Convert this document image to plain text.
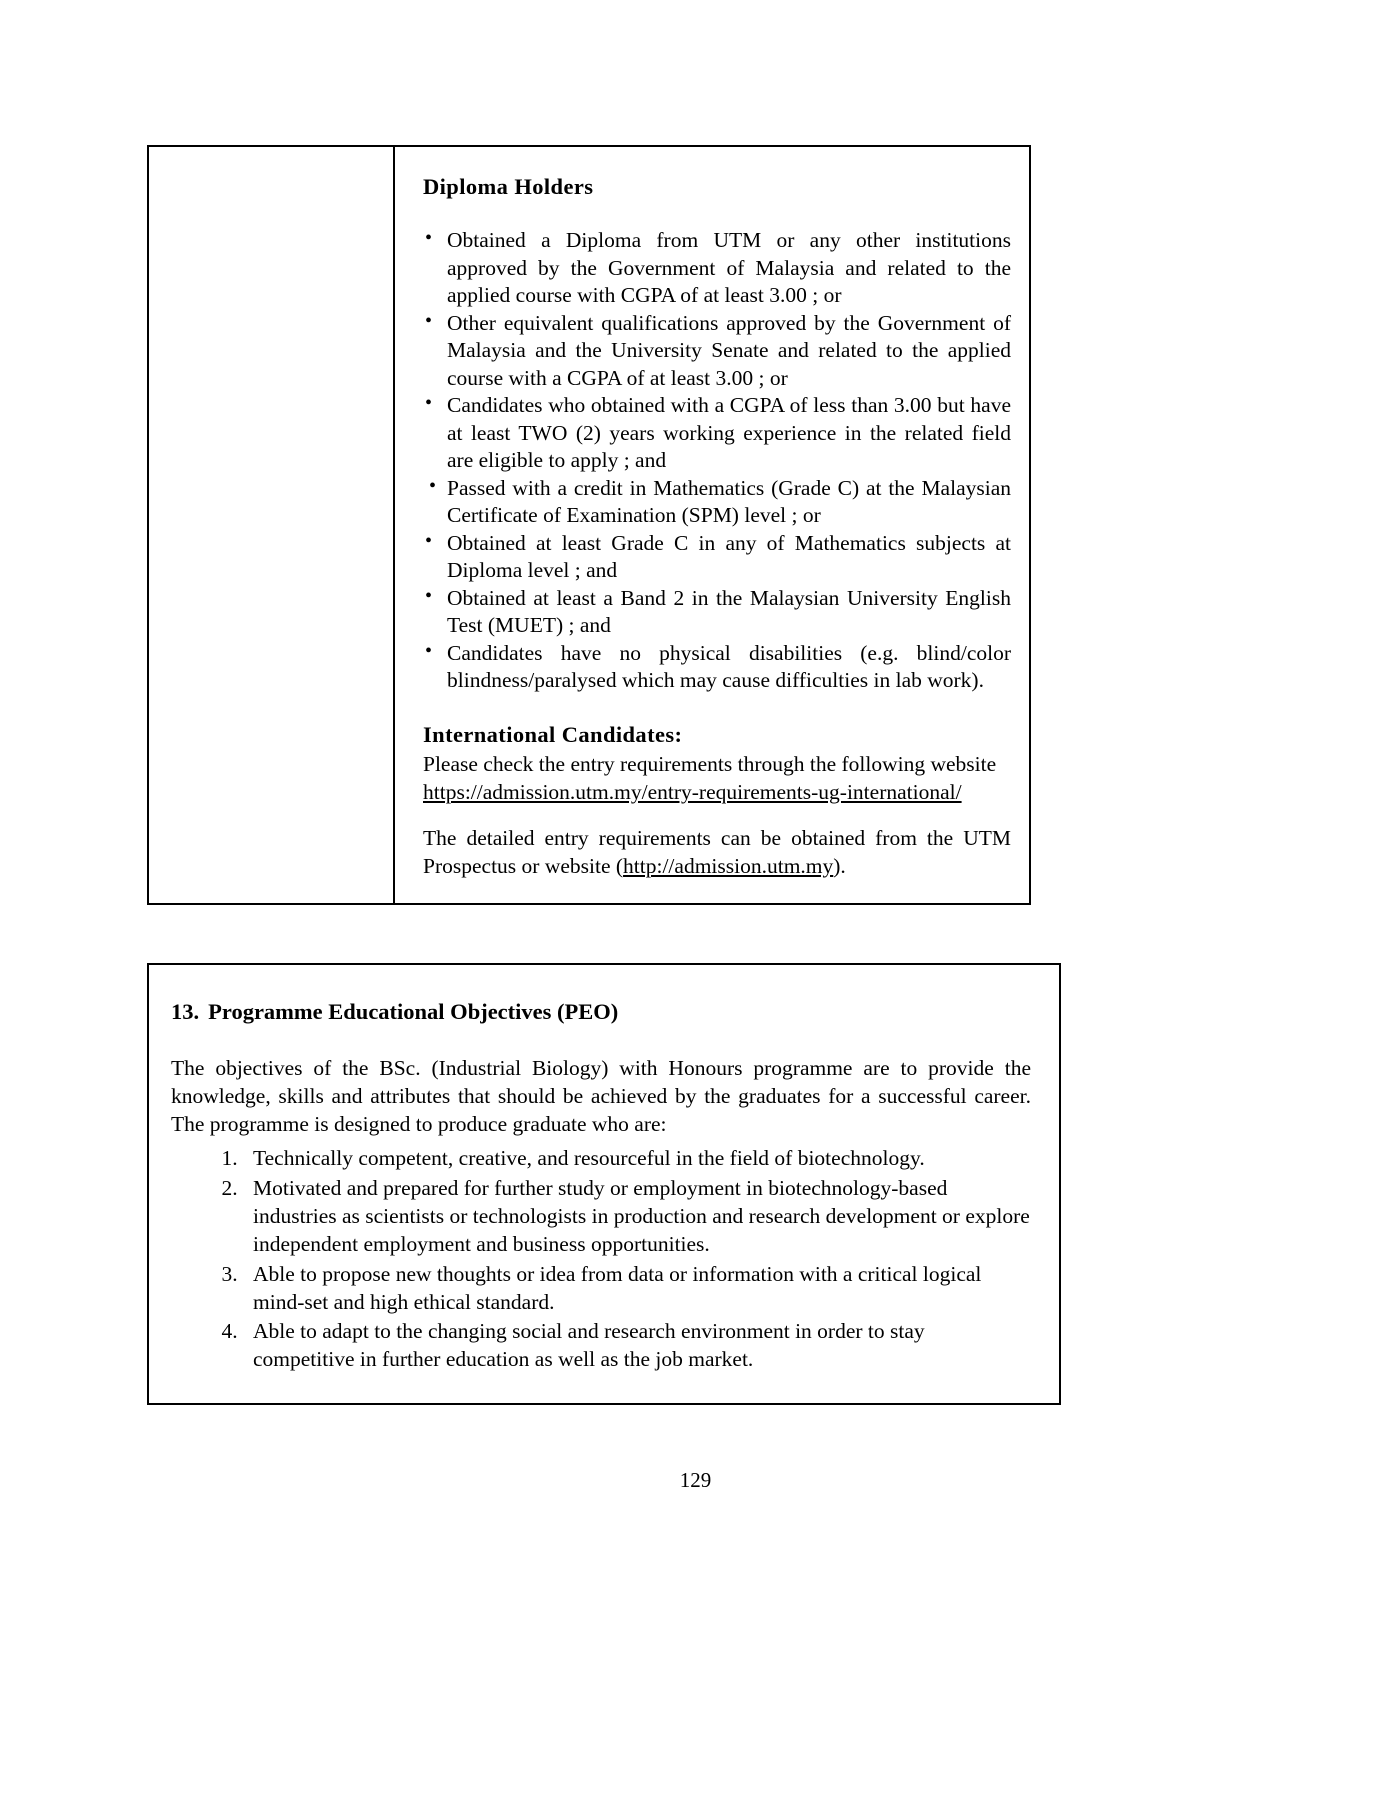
Diploma Holders
• Obtained a Diploma from UTM or any other institutions approved by the Government of Malaysia and related to the applied course with CGPA of at least 3.00 ; or
• Other equivalent qualifications approved by the Government of Malaysia and the University Senate and related to the applied course with a CGPA of at least 3.00 ; or
• Candidates who obtained with a CGPA of less than 3.00 but have at least TWO (2) years working experience in the related field are eligible to apply ; and
• Passed with a credit in Mathematics (Grade C) at the Malaysian Certificate of Examination (SPM) level ; or
• Obtained at least Grade C in any of Mathematics subjects at Diploma level ; and
• Obtained at least a Band 2 in the Malaysian University English Test (MUET) ; and
• Candidates have no physical disabilities (e.g. blind/color blindness/paralysed which may cause difficulties in lab work).
International Candidates:

Please check the entry requirements through the following website

https://admission.utm.my/entry-requirements-ug-international/

The detailed entry requirements can be obtained from the UTM Prospectus or website (http://admission.utm.my).

13. Programme Educational Objectives (PEO)

The objectives of the BSc. (Industrial Biology) with Honours programme are to provide the knowledge, skills and attributes that should be achieved by the graduates for a successful career. The programme is designed to produce graduate who are:

1. Technically competent, creative, and resourceful in the field of biotechnology.
2. Motivated and prepared for further study or employment in biotechnology-based industries as scientists or technologists in production and research development or explore independent employment and business opportunities.
3. Able to propose new thoughts or idea from data or information with a critical logical mind-set and high ethical standard.
4. Able to adapt to the changing social and research environment in order to stay competitive in further education as well as the job market.
129
